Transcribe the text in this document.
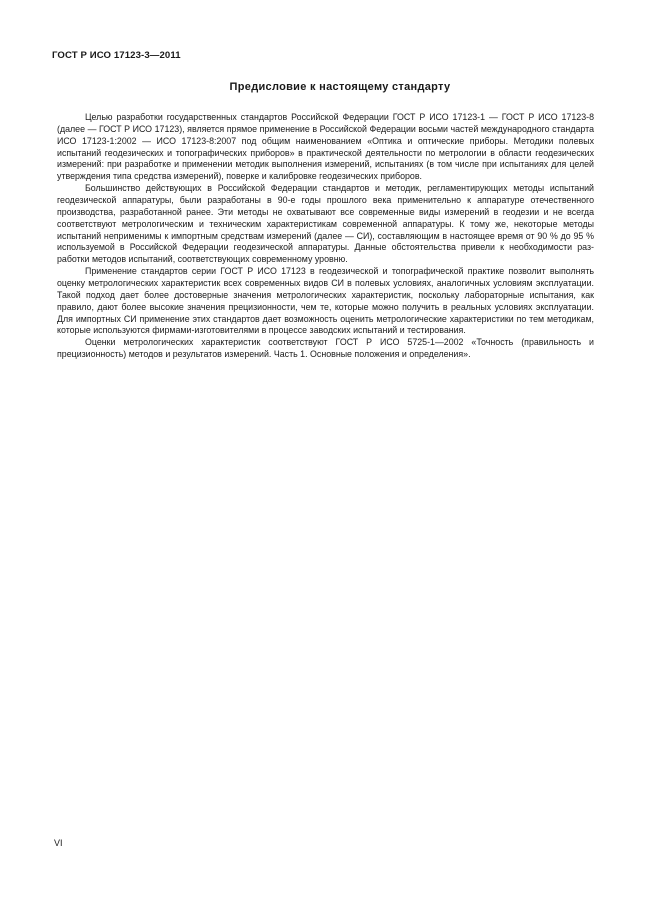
ГОСТ Р ИСО 17123-3—2011
Предисловие к настоящему стандарту

Целью разработки государственных стандартов Российской Федерации ГОСТ Р ИСО 17123-1 — ГОСТ Р ИСО 17123-8 (далее — ГОСТ Р ИСО 17123), является прямое применение в Российской Федерации восьми частей международного стандарта ИСО 17123-1:2002 — ИСО 17123-8:2007 под общим наименованием «Оптика и оптические приборы. Методики полевых испытаний геодезических и топографических приборов» в практической деятельности по метрологии в области геодезических измерений: при разработке и применении методик выполнения измерений, испытаниях (в том числе при испытаниях для целей утверждения типа средства измерений), поверке и калибровке геодезических приборов.

Большинство действующих в Российской Федерации стандартов и методик, регламентирующих методы испытаний геодезической аппаратуры, были разработаны в 90-е годы прошлого века применительно к аппаратуре отечественного производства, разработанной ранее. Эти методы не охватывают все современные виды измерений в геодезии и не всегда соответствуют метрологическим и техническим характеристикам современной аппаратуры. К тому же, некоторые методы испытаний неприменимы к импортным средствам измерений (далее — СИ), составляющим в настоящее время от 90 % до 95 % используемой в Российской Федерации геодезической аппаратуры. Данные обстоятельства привели к необходимости разработки методов испытаний, соответствующих современному уровню.

Применение стандартов серии ГОСТ Р ИСО 17123 в геодезической и топографической практике позволит выполнять оценку метрологических характеристик всех современных видов СИ в полевых условиях, аналогичных условиям эксплуатации. Такой подход дает более достоверные значения метрологических характеристик, поскольку лабораторные испытания, как правило, дают более высокие значения прецизионности, чем те, которые можно получить в реальных условиях эксплуатации. Для импортных СИ применение этих стандартов дает возможность оценить метрологические характеристики по тем методикам, которые используются фирмами-изготовителями в процессе заводских испытаний и тестирования.

Оценки метрологических характеристик соответствуют ГОСТ Р ИСО 5725-1—2002 «Точность (правильность и прецизионность) методов и результатов измерений. Часть 1. Основные положения и определения».

VI
